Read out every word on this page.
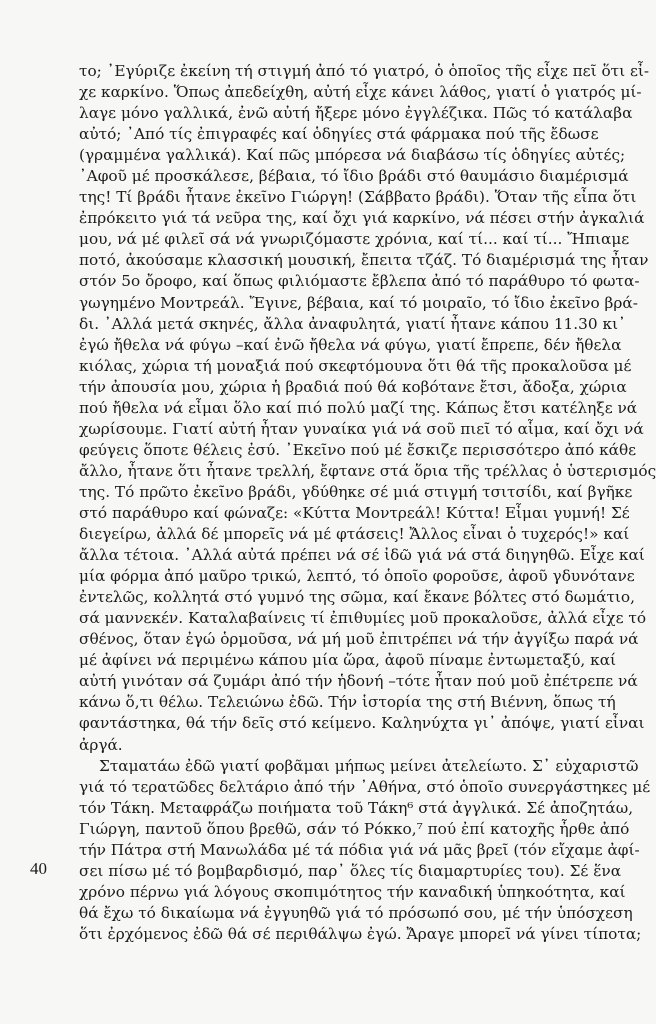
το; ᾿Εγύριζε ἐκείνη τή στιγμή ἀπό τό γιατρό, ὁ ὁποῖος τῆς εἶχε πεῖ ὅτι εἶ-
χε καρκίνο. Ὅπως ἀπεδείχθη, αὐτή εἶχε κάνει λάθος, γιατί ὁ γιατρός μί-
λαγε μόνο γαλλικά, ἐνῶ αὐτή ἤξερε μόνο ἐγγλέζικα. Πῶς τό κατάλαβα
αὐτό; ᾿Από τίς ἐπιγραφές καί ὁδηγίες στά φάρμακα πού τῆς ἔδωσε
(γραμμένα γαλλικά). Καί πῶς μπόρεσα νά διαβάσω τίς ὁδηγίες αὐτές;
᾿Αφοῦ μέ προσκάλεσε, βέβαια, τό ἴδιο βράδι στό θαυμάσιο διαμέρισμά
της! Τί βράδι ἦτανε ἐκεῖνο Γιώργη! (Σάββατο βράδι). Ὅταν τῆς εἶπα ὅτι
ἐπρόκειτο γιά τά νεῦρα της, καί ὄχι γιά καρκίνο, νά πέσει στήν ἀγκαλιά
μου, νά μέ φιλεῖ σά νά γνωριζόμαστε χρόνια, καί τί... καί τί... Ἤπιαμε
ποτό, ἀκούσαμε κλασσική μουσική, ἔπειτα τζάζ. Τό διαμέρισμά της ἦταν
στόν 5ο ὄροφο, καί ὅπως φιλιόμαστε ἔβλεπα ἀπό τό παράθυρο τό φωτα-
γωγημένο Μοντρεάλ. Ἔγινε, βέβαια, καί τό μοιραῖο, τό ἴδιο ἐκεῖνο βρά-
δι. ᾿Αλλά μετά σκηνές, ἄλλα ἀναφυλητά, γιατί ἦτανε κάπου 11.30 κι᾿
ἐγώ ἤθελα νά φύγω –καί ἐνῶ ἤθελα νά φύγω, γιατί ἔπρεπε, δέν ἤθελα
κιόλας, χώρια τή μοναξιά πού σκεφτόμουνα ὅτι θά τῆς προκαλοῦσα μέ
τήν ἀπουσία μου, χώρια ἡ βραδιά πού θά κοβότανε ἔτσι, ἄδοξα, χώρια
πού ἤθελα νά εἶμαι ὅλο καί πιό πολύ μαζί της. Κάπως ἔτσι κατέληξε νά
χωρίσουμε. Γιατί αὐτή ἦταν γυναίκα γιά νά σοῦ πιεῖ τό αἷμα, καί ὄχι νά
φεύγεις ὅποτε θέλεις ἐσύ. ᾿Εκεῖνο πού μέ ἔσκιζε περισσότερο ἀπό κάθε
ἄλλο, ἦτανε ὅτι ἦτανε τρελλή, ἔφτανε στά ὅρια τῆς τρέλλας ὁ ὑστερισμός
της. Τό πρῶτο ἐκεῖνο βράδι, γδύθηκε σέ μιά στιγμή τσιτσίδι, καί βγῆκε
στό παράθυρο καί φώναζε: «Κύττα Μοντρεάλ! Κύττα! Εἶμαι γυμνή! Σέ
διεγείρω, ἀλλά δέ μπορεῖς νά μέ φτάσεις! Ἄλλος εἶναι ὁ τυχερός!» καί
ἄλλα τέτοια. ᾿Αλλά αὐτά πρέπει νά σέ ἰδῶ γιά νά στά διηγηθῶ. Εἶχε καί
μία φόρμα ἀπό μαῦρο τρικώ, λεπτό, τό ὁποῖο φοροῦσε, ἀφοῦ γδυνότανε
ἐντελῶς, κολλητά στό γυμνό της σῶμα, καί ἔκανε βόλτες στό δωμάτιο,
σά μαννεκέν. Καταλαβαίνεις τί ἐπιθυμίες μοῦ προκαλοῦσε, ἀλλά εἶχε τό
σθένος, ὅταν ἐγώ ὁρμοῦσα, νά μή μοῦ ἐπιτρέπει νά τήν ἀγγίξω παρά νά
μέ ἀφίνει νά περιμένω κάπου μία ὥρα, ἀφοῦ πίναμε ἐντωμεταξύ, καί
αὐτή γινόταν σά ζυμάρι ἀπό τήν ἡδονή –τότε ἦταν πού μοῦ ἐπέτρεπε νά
κάνω ὅ,τι θέλω. Τελειώνω ἐδῶ. Τήν ἱστορία της στή Βιέννη, ὅπως τή
φαντάστηκα, θά τήν δεῖς στό κείμενο. Καληνύχτα γι᾿ ἀπόψε, γιατί εἶναι
ἀργά.
Σταματάω ἐδῶ γιατί φοβᾶμαι μήπως μείνει ἀτελείωτο. Σ᾿ εὐχαριστῶ
γιά τό τερατῶδες δελτάριο ἀπό τήν ᾿Αθήνα, στό ὁποῖο συνεργάστηκες μέ
τόν Τάκη. Μεταφράζω ποιήματα τοῦ Τάκη⁶ στά ἀγγλικά. Σέ ἀποζητάω,
Γιώργη, παντοῦ ὅπου βρεθῶ, σάν τό Ρόκκο,⁷ πού ἐπί κατοχῆς ἦρθε ἀπό
τήν Πάτρα στή Μανωλάδα μέ τά πόδια γιά νά μᾶς βρεῖ (τόν εἴχαμε ἀφί-
σει πίσω μέ τό βομβαρδισμό, παρ᾿ ὅλες τίς διαμαρτυρίες του). Σέ ἕνα
χρόνο πέρνω γιά λόγους σκοπιμότητος τήν καναδική ὑπηκοότητα, καί
θά ἔχω τό δικαίωμα νά ἐγγυηθῶ γιά τό πρόσωπό σου, μέ τήν ὑπόσχεση
ὅτι ἐρχόμενος ἐδῶ θά σέ περιθάλψω ἐγώ. Ἄραγε μπορεῖ νά γίνει τίποτα;
40
